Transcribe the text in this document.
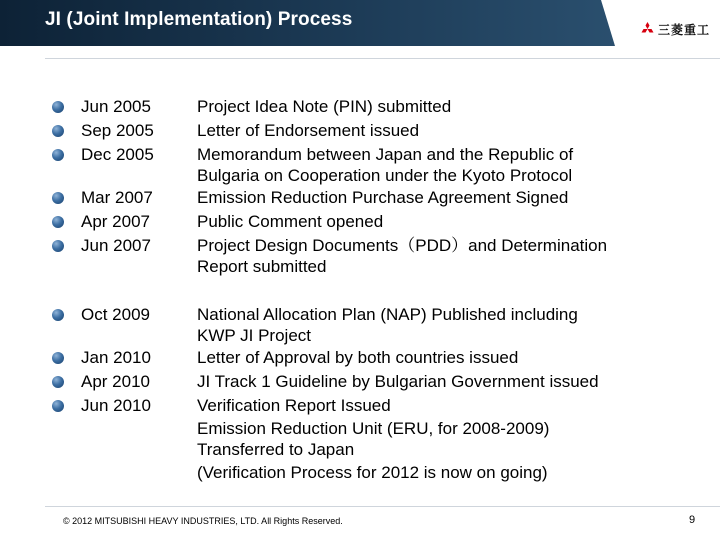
JI (Joint Implementation) Process	三菱重工
Jun 2005
Sep 2005
Dec 2005
Mar 2007
Apr 2007
Jun 2007
Oct 2009
Jan 2010
Apr 2010
Jun 2010
Project Idea Note (PIN) submitted
Letter of Endorsement issued
Memorandum between Japan and the Republic of
Bulgaria on Cooperation under the Kyoto Protocol
Emission Reduction Purchase Agreement Signed
Public Comment opened
Project Design Documents（PDD）and Determination
Report submitted
National Allocation Plan (NAP) Published including
KWP JI Project
Letter of Approval by both countries issued
JI Track 1 Guideline by Bulgarian Government issued
Verification Report Issued
Emission Reduction Unit (ERU, for 2008-2009)
Transferred to Japan
(Verification Process for 2012 is now on going)
© 2012 MITSUBISHI HEAVY INDUSTRIES, LTD. All Rights Reserved.	9
